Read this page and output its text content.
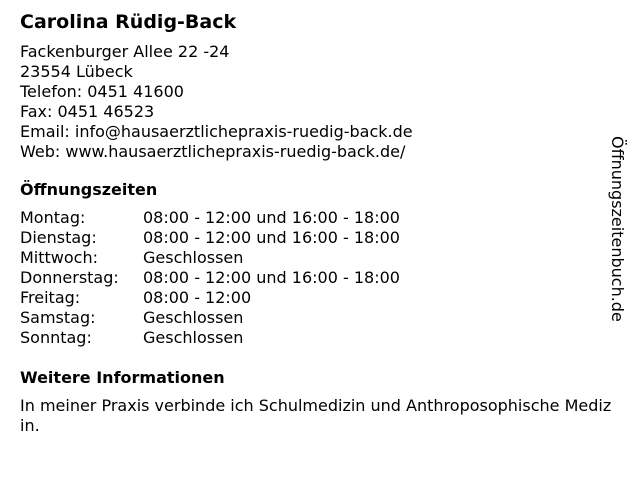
Carolina Rüdig-Back
Fackenburger Allee 22 -24
23554 Lübeck
Telefon: 0451 41600
Fax: 0451 46523
Email: info@hausaerztlichepraxis-ruedig-back.de
Web: www.hausaerztlichepraxis-ruedig-back.de/
Öffnungszeiten
Montag:	08:00 - 12:00 und 16:00 - 18:00
Dienstag:	08:00 - 12:00 und 16:00 - 18:00
Mittwoch:	Geschlossen
Donnerstag:	08:00 - 12:00 und 16:00 - 18:00
Freitag:	08:00 - 12:00
Samstag:	Geschlossen
Sonntag:	Geschlossen
Weitere Informationen
In meiner Praxis verbinde ich Schulmedizin und Anthroposophische Medizin.
Öffnungszeitenbuch.de
